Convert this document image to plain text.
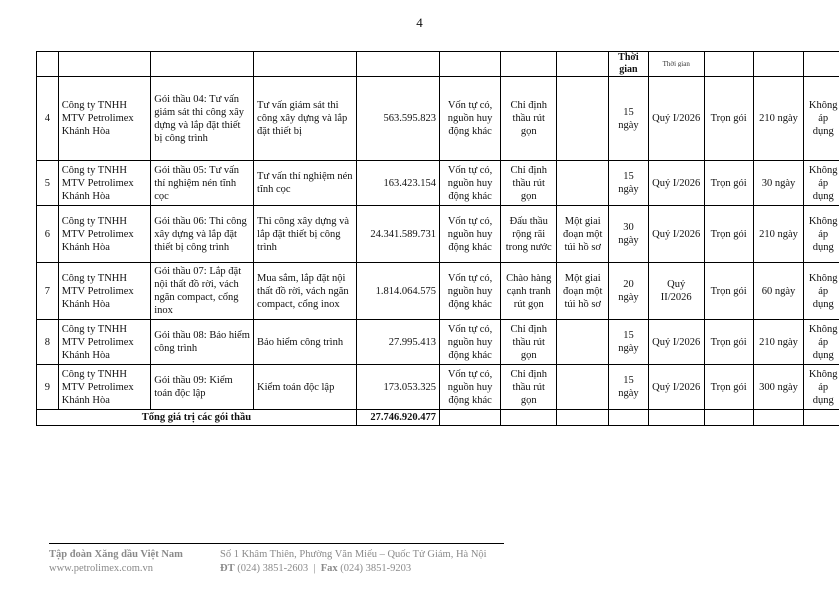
4

								Thời gian	Thời gian			

4	Công ty TNHH MTV Petrolimex Khánh Hòa	Gói thầu 04: Tư vấn giám sát thi công xây dựng và lắp đặt thiết bị công trình	Tư vấn giám sát thi công xây dựng và lắp đặt thiết bị	563.595.823	Vốn tự có, nguồn huy động khác	Chỉ định thầu rút gọn		15 ngày	Quý I/2026	Trọn gói	210 ngày	Không áp dụng
5	Công ty TNHH MTV Petrolimex Khánh Hòa	Gói thầu 05: Tư vấn thí nghiệm nén tĩnh cọc	Tư vấn thí nghiệm nén tĩnh cọc	163.423.154	Vốn tự có, nguồn huy động khác	Chỉ định thầu rút gọn		15 ngày	Quý I/2026	Trọn gói	30 ngày	Không áp dụng
6	Công ty TNHH MTV Petrolimex Khánh Hòa	Gói thầu 06: Thi công xây dựng và lắp đặt thiết bị công trình	Thi công xây dựng và lắp đặt thiết bị công trình	24.341.589.731	Vốn tự có, nguồn huy động khác	Đấu thầu rộng rãi trong nước	Một giai đoạn một túi hồ sơ	30 ngày	Quý I/2026	Trọn gói	210 ngày	Không áp dụng
7	Công ty TNHH MTV Petrolimex Khánh Hòa	Gói thầu 07: Lắp đặt nội thất đồ rời, vách ngăn compact, cổng inox	Mua sắm, lắp đặt nội thất đồ rời, vách ngăn compact, cổng inox	1.814.064.575	Vốn tự có, nguồn huy động khác	Chào hàng cạnh tranh rút gọn	Một giai đoạn một túi hồ sơ	20 ngày	Quý II/2026	Trọn gói	60 ngày	Không áp dụng
8	Công ty TNHH MTV Petrolimex Khánh Hòa	Gói thầu 08: Bảo hiểm công trình	Bảo hiểm công trình	27.995.413	Vốn tự có, nguồn huy động khác	Chỉ định thầu rút gọn		15 ngày	Quý I/2026	Trọn gói	210 ngày	Không áp dụng
9	Công ty TNHH MTV Petrolimex Khánh Hòa	Gói thầu 09: Kiểm toán độc lập	Kiểm toán độc lập	173.053.325	Vốn tự có, nguồn huy động khác	Chỉ định thầu rút gọn		15 ngày	Quý I/2026	Trọn gói	300 ngày	Không áp dụng
Tổng giá trị các gói thầu				27.746.920.477								
Tập đoàn Xăng dầu Việt Nam
www.petrolimex.com.vn
Số 1 Khâm Thiên, Phường Văn Miếu – Quốc Tử Giám, Hà Nội
ĐT (024) 3851-2603 | Fax (024) 3851-9203
